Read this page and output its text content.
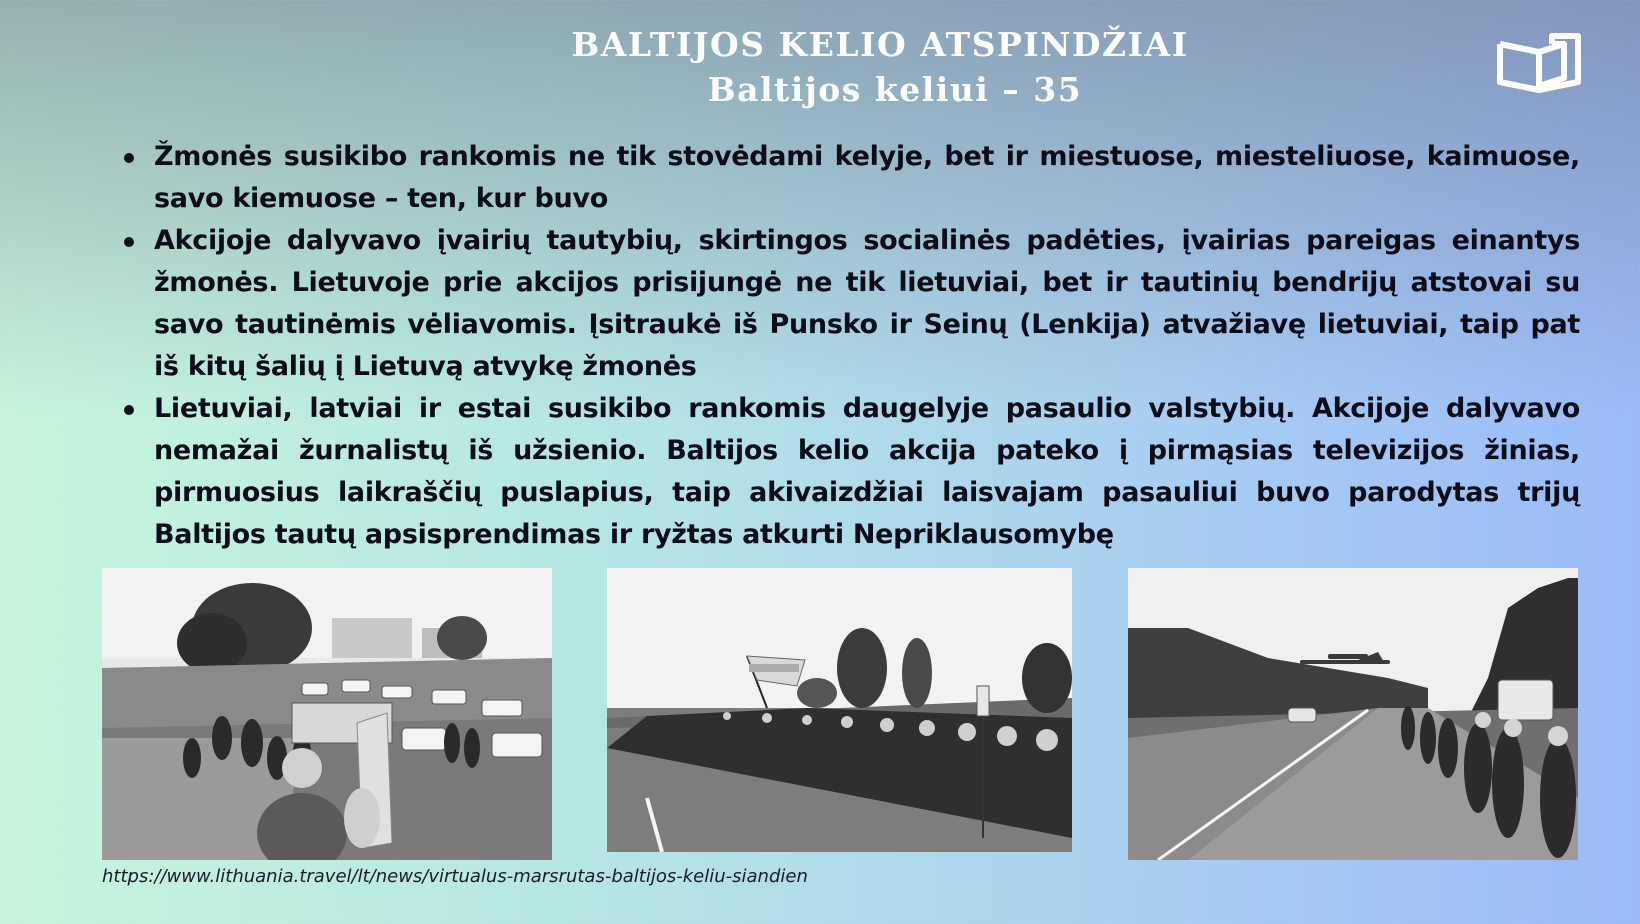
BALTIJOS KELIO ATSPINDŽIAI
Baltijos keliui – 35
Žmonės susikibo rankomis ne tik stovėdami kelyje, bet ir miestuose, miesteliuose, kaimuose, savo kiemuose – ten, kur buvo
Akcijoje dalyvavo įvairių tautybių, skirtingos socialinės padėties, įvairias pareigas einantys žmonės. Lietuvoje prie akcijos prisijungė ne tik lietuviai, bet ir tautinių bendrijų atstovai su savo tautinėmis vėliavomis. Įsitraukė iš Punsko ir Seinų (Lenkija) atvažiavę lietuviai, taip pat iš kitų šalių į Lietuvą atvykę žmonės
Lietuviai, latviai ir estai susikibo rankomis daugelyje pasaulio valstybių. Akcijoje dalyvavo nemažai žurnalistų iš užsienio. Baltijos kelio akcija pateko į pirmąsias televizijos žinias, pirmuosius laikraščių puslapius, taip akivaizdžiai laisvajam pasauliui buvo parodytas trijų Baltijos tautų apsisprendimas ir ryžtas atkurti Nepriklausomybę
https://www.lithuania.travel/lt/news/virtualus-marsrutas-baltijos-keliu-siandien
